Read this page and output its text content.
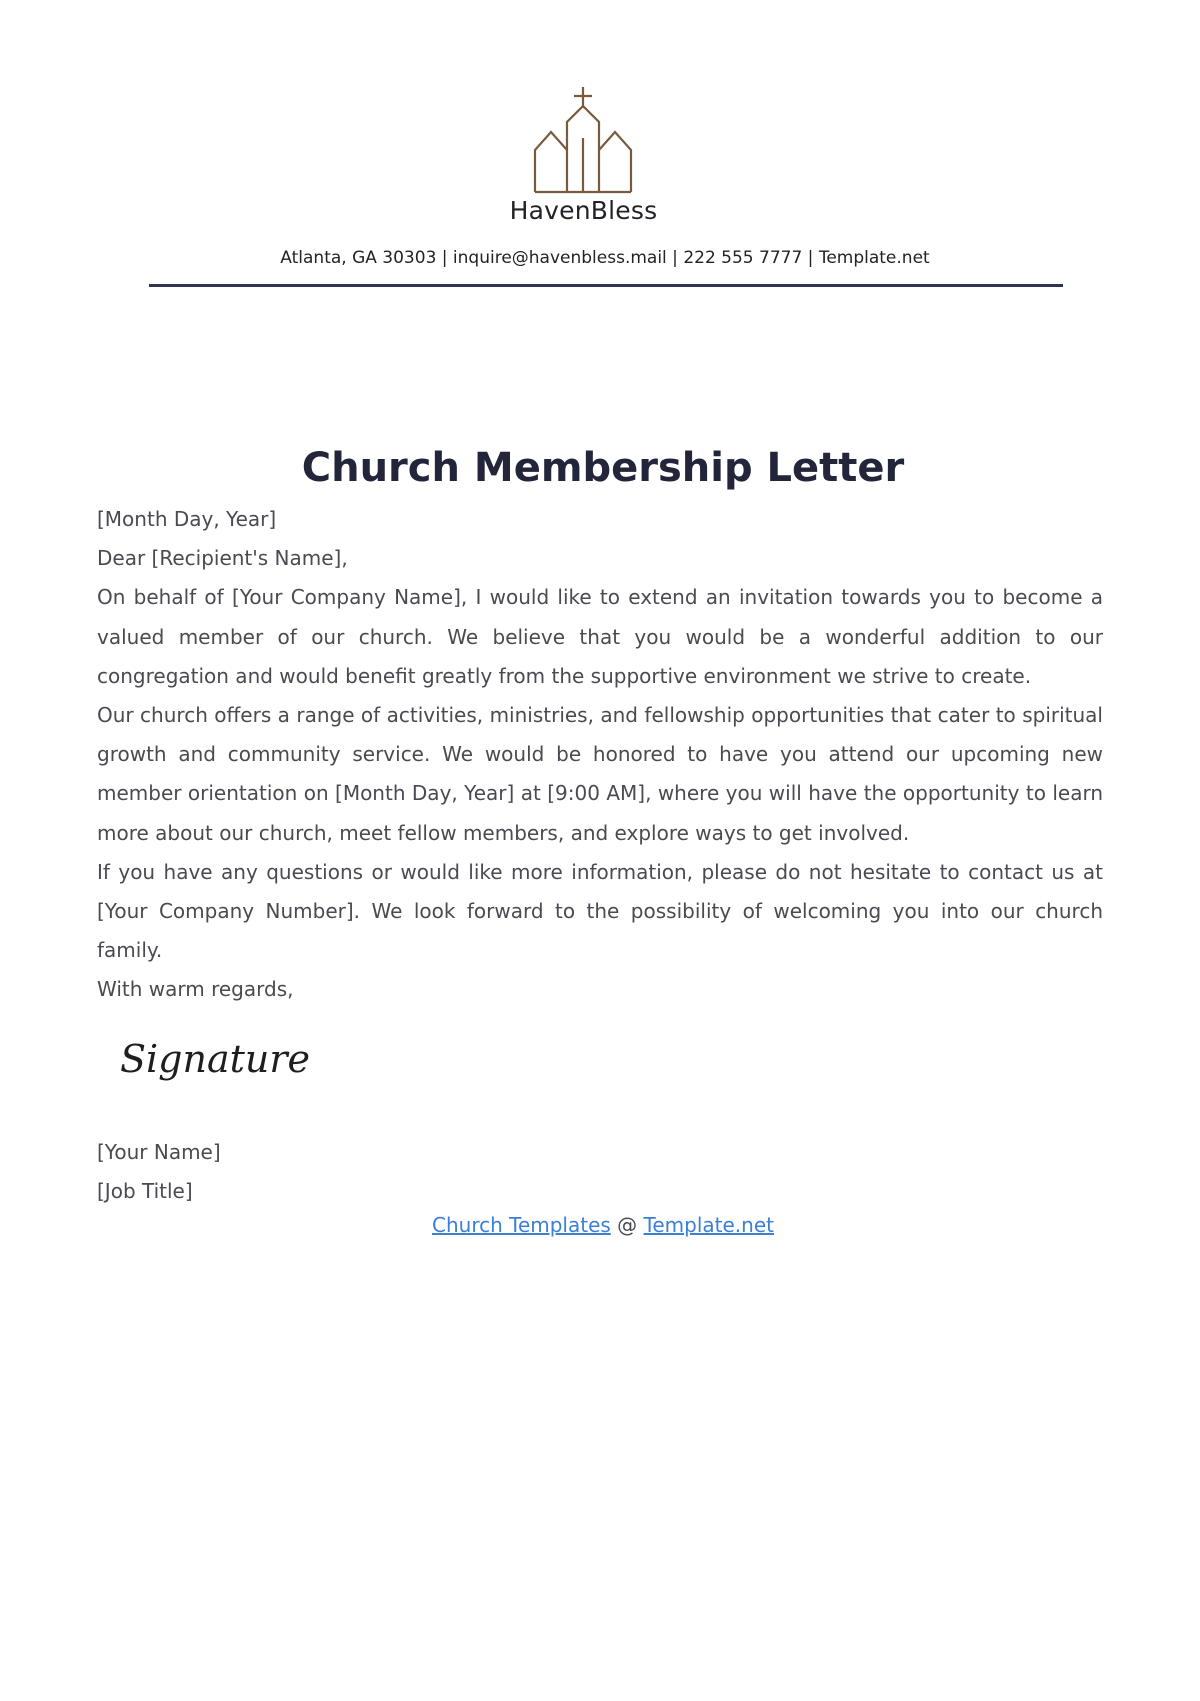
HavenBless
Atlanta, GA 30303 | inquire@havenbless.mail | 222 555 7777 | Template.net
Church Membership Letter

[Month Day, Year]

Dear [Recipient's Name],

On behalf of [Your Company Name], I would like to extend an invitation towards you to become a valued member of our church. We believe that you would be a wonderful addition to our congregation and would benefit greatly from the supportive environment we strive to create.

Our church offers a range of activities, ministries, and fellowship opportunities that cater to spiritual growth and community service. We would be honored to have you attend our upcoming new member orientation on [Month Day, Year] at [9:00 AM], where you will have the opportunity to learn more about our church, meet fellow members, and explore ways to get involved.

If you have any questions or would like more information, please do not hesitate to contact us at [Your Company Number]. We look forward to the possibility of welcoming you into our church family.

With warm regards,

Signature

[Your Name]

[Job Title]

Church Templates @ Template.net
